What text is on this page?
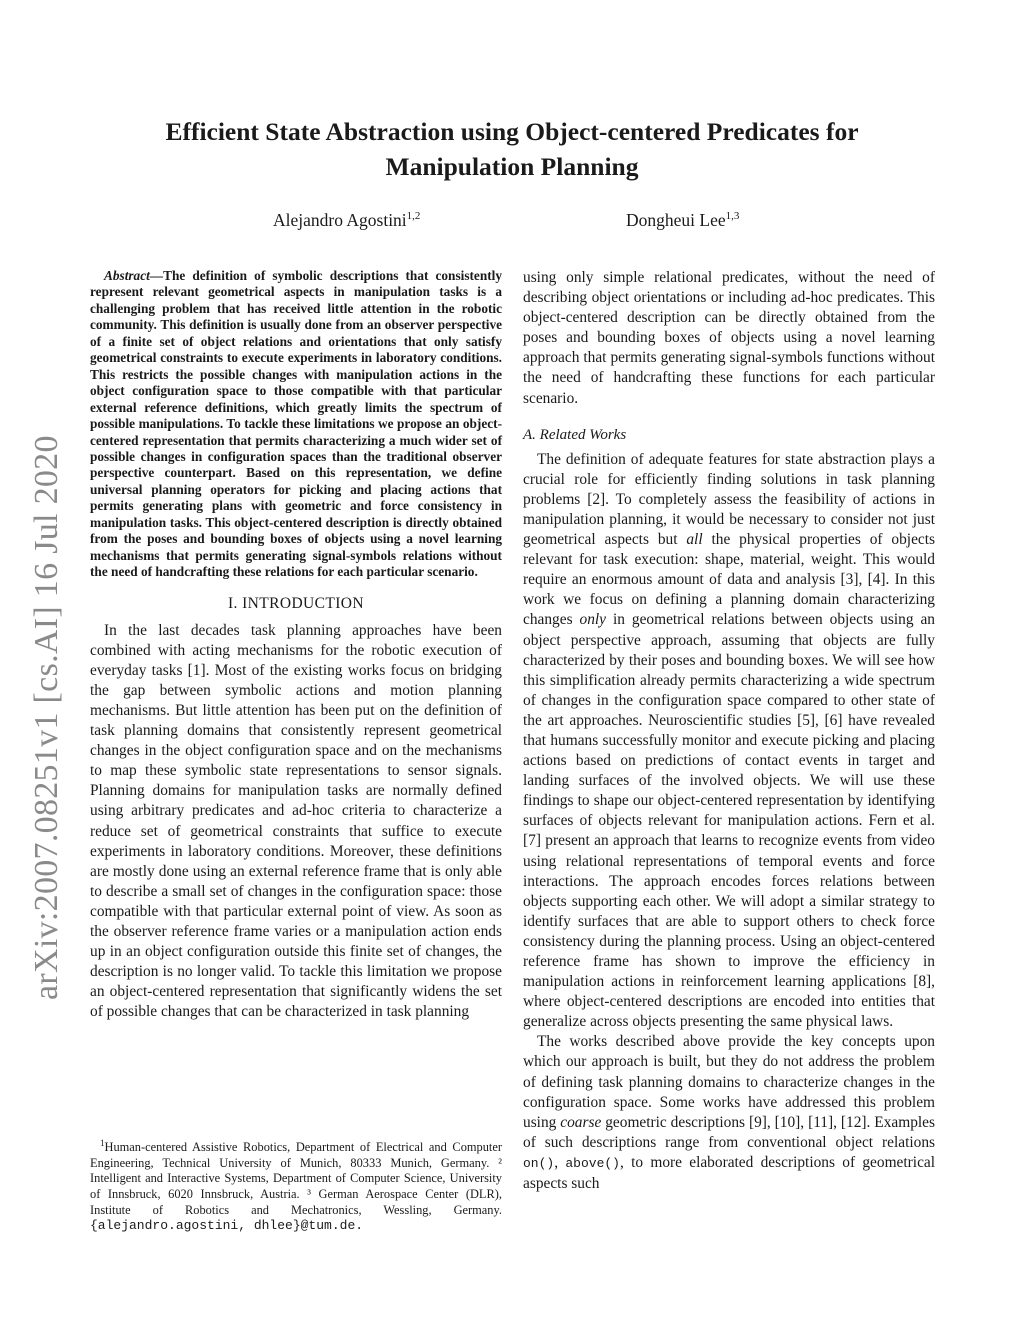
arXiv:2007.08251v1 [cs.AI] 16 Jul 2020
Efficient State Abstraction using Object-centered Predicates for Manipulation Planning
Alejandro Agostini$^{1,2}$	Dongheui Lee$^{1,3}$

Abstract—The definition of symbolic descriptions that consistently represent relevant geometrical aspects in manipulation tasks is a challenging problem that has received little attention in the robotic community. This definition is usually done from an observer perspective of a finite set of object relations and orientations that only satisfy geometrical constraints to execute experiments in laboratory conditions. This restricts the possible changes with manipulation actions in the object configuration space to those compatible with that particular external reference definitions, which greatly limits the spectrum of possible manipulations. To tackle these limitations we propose an object-centered representation that permits characterizing a much wider set of possible changes in configuration spaces than the traditional observer perspective counterpart. Based on this representation, we define universal planning operators for picking and placing actions that permits generating plans with geometric and force consistency in manipulation tasks. This object-centered description is directly obtained from the poses and bounding boxes of objects using a novel learning mechanisms that permits generating signal-symbols relations without the need of handcrafting these relations for each particular scenario.

I. INTRODUCTION

In the last decades task planning approaches have been combined with acting mechanisms for the robotic execution of everyday tasks [1]. Most of the existing works focus on bridging the gap between symbolic actions and motion planning mechanisms. But little attention has been put on the definition of task planning domains that consistently represent geometrical changes in the object configuration space and on the mechanisms to map these symbolic state representations to sensor signals. Planning domains for manipulation tasks are normally defined using arbitrary predicates and ad-hoc criteria to characterize a reduce set of geometrical constraints that suffice to execute experiments in laboratory conditions. Moreover, these definitions are mostly done using an external reference frame that is only able to describe a small set of changes in the configuration space: those compatible with that particular external point of view. As soon as the observer reference frame varies or a manipulation action ends up in an object configuration outside this finite set of changes, the description is no longer valid. To tackle this limitation we propose an object-centered representation that significantly widens the set of possible changes that can be characterized in task planning

$^1$Human-centered Assistive Robotics, Department of Electrical and Computer Engineering, Technical University of Munich, 80333 Munich, Germany. ² Intelligent and Interactive Systems, Department of Computer Science, University of Innsbruck, 6020 Innsbruck, Austria. ³ German Aerospace Center (DLR), Institute of Robotics and Mechatronics, Wessling, Germany. {alejandro.agostini, dhlee}@tum.de.

using only simple relational predicates, without the need of describing object orientations or including ad-hoc predicates. This object-centered description can be directly obtained from the poses and bounding boxes of objects using a novel learning approach that permits generating signal-symbols functions without the need of handcrafting these functions for each particular scenario.

A. Related Works

The definition of adequate features for state abstraction plays a crucial role for efficiently finding solutions in task planning problems [2]. To completely assess the feasibility of actions in manipulation planning, it would be necessary to consider not just geometrical aspects but all the physical properties of objects relevant for task execution: shape, material, weight. This would require an enormous amount of data and analysis [3], [4]. In this work we focus on defining a planning domain characterizing changes only in geometrical relations between objects using an object perspective approach, assuming that objects are fully characterized by their poses and bounding boxes. We will see how this simplification already permits characterizing a wide spectrum of changes in the configuration space compared to other state of the art approaches. Neuroscientific studies [5], [6] have revealed that humans successfully monitor and execute picking and placing actions based on predictions of contact events in target and landing surfaces of the involved objects. We will use these findings to shape our object-centered representation by identifying surfaces of objects relevant for manipulation actions. Fern et al. [7] present an approach that learns to recognize events from video using relational representations of temporal events and force interactions. The approach encodes forces relations between objects supporting each other. We will adopt a similar strategy to identify surfaces that are able to support others to check force consistency during the planning process. Using an object-centered reference frame has shown to improve the efficiency in manipulation actions in reinforcement learning applications [8], where object-centered descriptions are encoded into entities that generalize across objects presenting the same physical laws.

The works described above provide the key concepts upon which our approach is built, but they do not address the problem of defining task planning domains to characterize changes in the configuration space. Some works have addressed this problem using coarse geometric descriptions [9], [10], [11], [12]. Examples of such descriptions range from conventional object relations on(), above(), to more elaborated descriptions of geometrical aspects such
